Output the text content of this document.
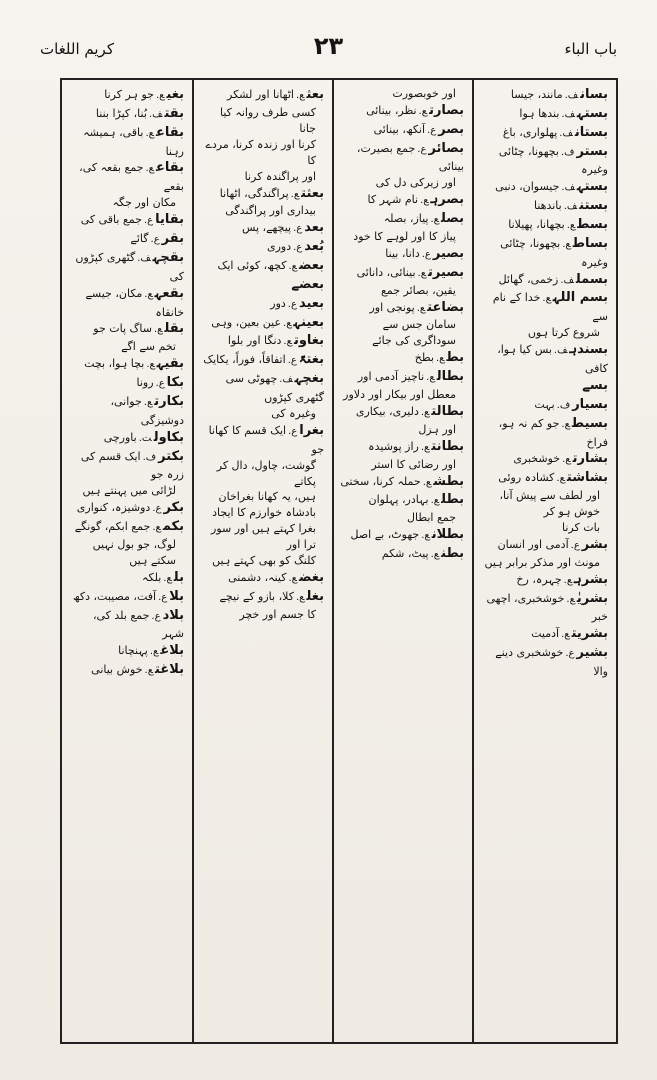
باب الباء
۲۳
کریم اللغات
بسانف.مانند، جیسا
بستہف.بندھا ہوا
بستانف.پھلواری، باغ
بسترف.بچھونا، چٹائی وغیرہ
بستہف.جیسوان، دنبی
بستنف.باندھنا
بسطع.بچھانا، پھیلانا
بساطع.بچھونا، چٹائی وغیرہ
بسملف.زخمی، گھائل
بسم اللہع.خدا کے نام سے
شروع کرتا ہوں
بسندہف.بس کیا ہوا، کافی
بسے
بسیارف.بہت
بسیطع.جو کم نہ ہو، فراخ
بشارتع.خوشخبری
بشاشتع.کشادہ روئی
اور لطف سے پیش آنا، خوش ہو کر
بات کرنا
بشرع.آدمی اور انسان
مونث اور مذکر برابر ہیں
بشرہع.چہرہ، رخ
بشریٰع.خوشخبری، اچھی خبر
بشریتع.آدمیت
بشیرع.خوشخبری دینے والا
اور خوبصورت
بصارتع.نظر، بینائی
بصرع.آنکھ، بینائی
بصائرع.جمع بصیرت، بینائی
اور زیرکی دل کی
بصرہع.نام شہر کا
بصلع.پیاز، بصلہ
پیاز کا اور لوہے کا خود
بصیرع.دانا، بینا
بصیرتع.بینائی، دانائی
یقین، بصائر جمع
بضاعتع.پونجی اور
سامان جس سے سوداگری کی جائے
بطع.بطخ
بطالع.ناچیز آدمی اور
معطل اور بیکار اور دلاور
بطالتع.دلیری، بیکاری
اور ہزل
بطانتع.راز پوشیدہ
اور رضائی کا استر
بطشع.حملہ کرنا، سختی
بطلع.بہادر، پہلوان
جمع ابطال
بطلانع.جھوٹ، بے اصل
بطنع.پیٹ، شکم
بعثع.اٹھانا اور لشکر
کسی طرف روانہ کیا جانا
کرنا اور زندہ کرنا، مردے کا
اور پراگندہ کرنا
بعثتع.پراگندگی، اٹھانا
بیداری اور پراگندگی
بعدع.پیچھے، پس
بُعدع.دوری
بعضع.کچھ، کوئی ایک
بعضے
بعیدع.دور
بعینہع.عین بعین، وہی
بغاوتع.دنگا اور بلوا
بغتۃًع.اتفاقاً، فوراً، یکایک
بغچہف.چھوٹی سی گٹھری کپڑوں
وغیرہ کی
بغراع.ایک قسم کا کھانا جو
گوشت، چاول، دال کر پکاتے
ہیں، یہ کھانا بغراخان
بادشاہ خوارزم کا ایجاد
بغرا کہتے ہیں اور سور ترا اور
کلنگ کو بھی کہتے ہیں
بغضع.کینہ، دشمنی
بغلع.کلا، بازو کے نیچے
کا جسم اور خچر
بغیع.جو ہر کرنا
بقتف.بُنا، کپڑا بننا
بقاعع.باقی، ہمیشہ رہنا
بقاعع.جمع بقعہ کی، بقعے
مکان اور جگہ
بقایاع.جمع باقی کی
بقرع.گائے
بقچہف.گٹھری کپڑوں کی
بقعہع.مکان، جیسے خانقاہ
بقلع.ساگ پات جو
تخم سے اگے
بقیہع.بچا ہوا، بچت
بکاع.رونا
بکارتع.جوانی، دوشیزگی
بکاولت.باورچی
بکترف.ایک قسم کی زرہ جو
لڑائی میں پہنتے ہیں
بکرع.دوشیزہ، کنواری
بکمع.جمع ابکم، گونگے
لوگ، جو بول نہیں سکتے ہیں
بلع.بلکہ
بلاع.آفت، مصیبت، دکھ
بلادع.جمع بلد کی، شہر
بلاغع.پہنچانا
بلاغتع.خوش بیانی
